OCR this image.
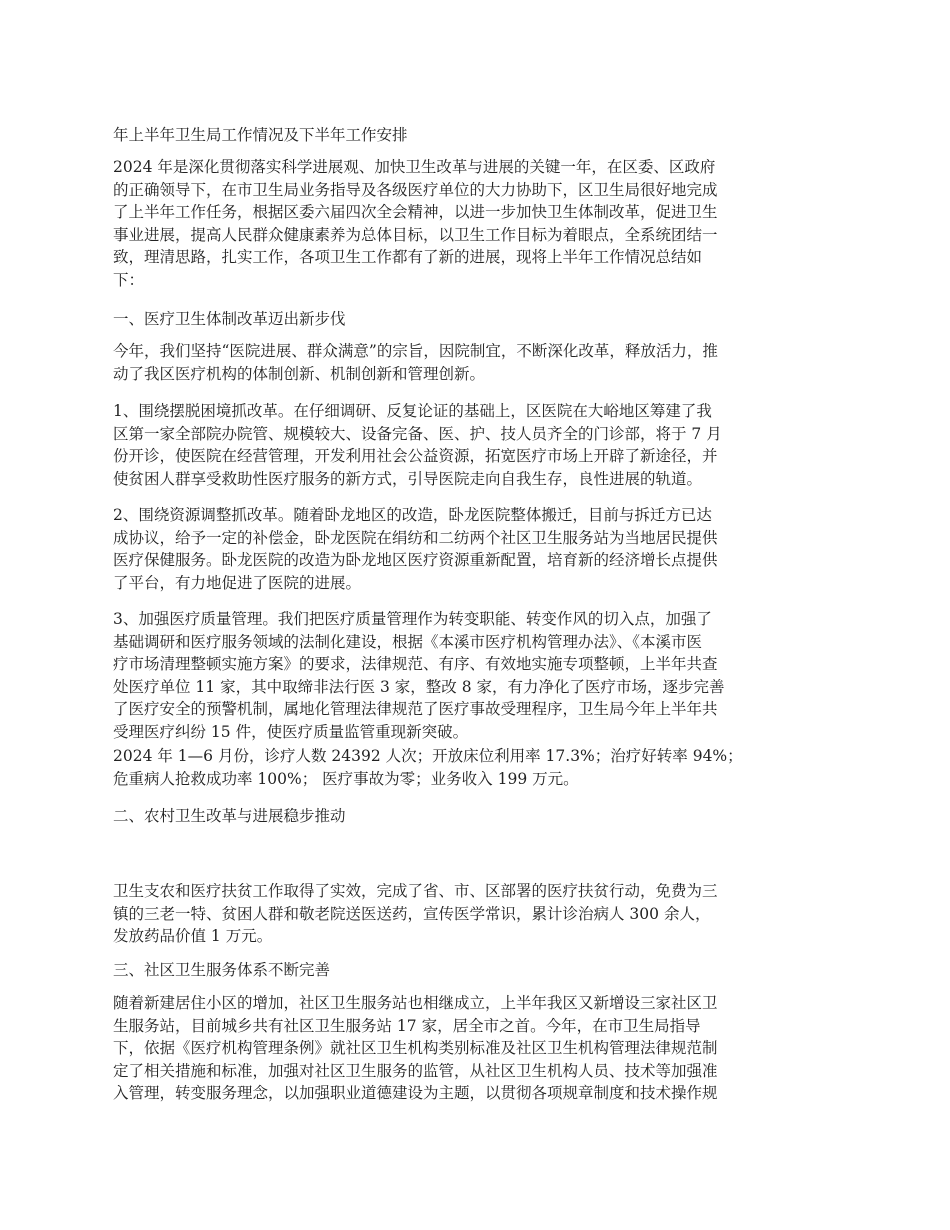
年上半年卫生局工作情况及下半年工作安排

2024 年是深化贯彻落实科学进展观、加快卫生改革与进展的关键一年，在区委、区政府
的正确领导下，在市卫生局业务指导及各级医疗单位的大力协助下，区卫生局很好地完成
了上半年工作任务，根据区委六届四次全会精神，以进一步加快卫生体制改革，促进卫生
事业进展，提高人民群众健康素养为总体目标，以卫生工作目标为着眼点，全系统团结一
致，理清思路，扎实工作，各项卫生工作都有了新的进展，现将上半年工作情况总结如
下：

一、医疗卫生体制改革迈出新步伐

今年，我们坚持“医院进展、群众满意”的宗旨，因院制宜，不断深化改革，释放活力，推
动了我区医疗机构的体制创新、机制创新和管理创新。

1、围绕摆脱困境抓改革。在仔细调研、反复论证的基础上，区医院在大峪地区筹建了我
区第一家全部院办院管、规模较大、设备完备、医、护、技人员齐全的门诊部，将于 7 月
份开诊，使医院在经营管理，开发利用社会公益资源，拓宽医疗市场上开辟了新途径，并
使贫困人群享受救助性医疗服务的新方式，引导医院走向自我生存，良性进展的轨道。

2、围绕资源调整抓改革。随着卧龙地区的改造，卧龙医院整体搬迁，目前与拆迁方已达
成协议，给予一定的补偿金，卧龙医院在绢纺和二纺两个社区卫生服务站为当地居民提供
医疗保健服务。卧龙医院的改造为卧龙地区医疗资源重新配置，培育新的经济增长点提供
了平台，有力地促进了医院的进展。

3、加强医疗质量管理。我们把医疗质量管理作为转变职能、转变作风的切入点，加强了
基础调研和医疗服务领域的法制化建设，根据《本溪市医疗机构管理办法》、《本溪市医
疗市场清理整顿实施方案》的要求，法律规范、有序、有效地实施专项整顿，上半年共查
处医疗单位 11 家，其中取缔非法行医 3 家，整改 8 家，有力净化了医疗市场，逐步完善
了医疗安全的预警机制，属地化管理法律规范了医疗事故受理程序，卫生局今年上半年共
受理医疗纠纷 15 件，使医疗质量监管重现新突破。

2024 年 1—6 月份，诊疗人数 24392 人次；开放床位利用率 17.3%；治疗好转率 94%；
危重病人抢救成功率 100%； 医疗事故为零；业务收入 199 万元。

二、农村卫生改革与进展稳步推动

卫生支农和医疗扶贫工作取得了实效，完成了省、市、区部署的医疗扶贫行动，免费为三
镇的三老一特、贫困人群和敬老院送医送药，宣传医学常识，累计诊治病人 300 余人，
发放药品价值 1 万元。

三、社区卫生服务体系不断完善

随着新建居住小区的增加，社区卫生服务站也相继成立，上半年我区又新增设三家社区卫
生服务站，目前城乡共有社区卫生服务站 17 家，居全市之首。今年，在市卫生局指导
下，依据《医疗机构管理条例》就社区卫生机构类别标准及社区卫生机构管理法律规范制
定了相关措施和标准，加强对社区卫生服务的监管，从社区卫生机构人员、技术等加强准
入管理，转变服务理念，以加强职业道德建设为主题，以贯彻各项规章制度和技术操作规
